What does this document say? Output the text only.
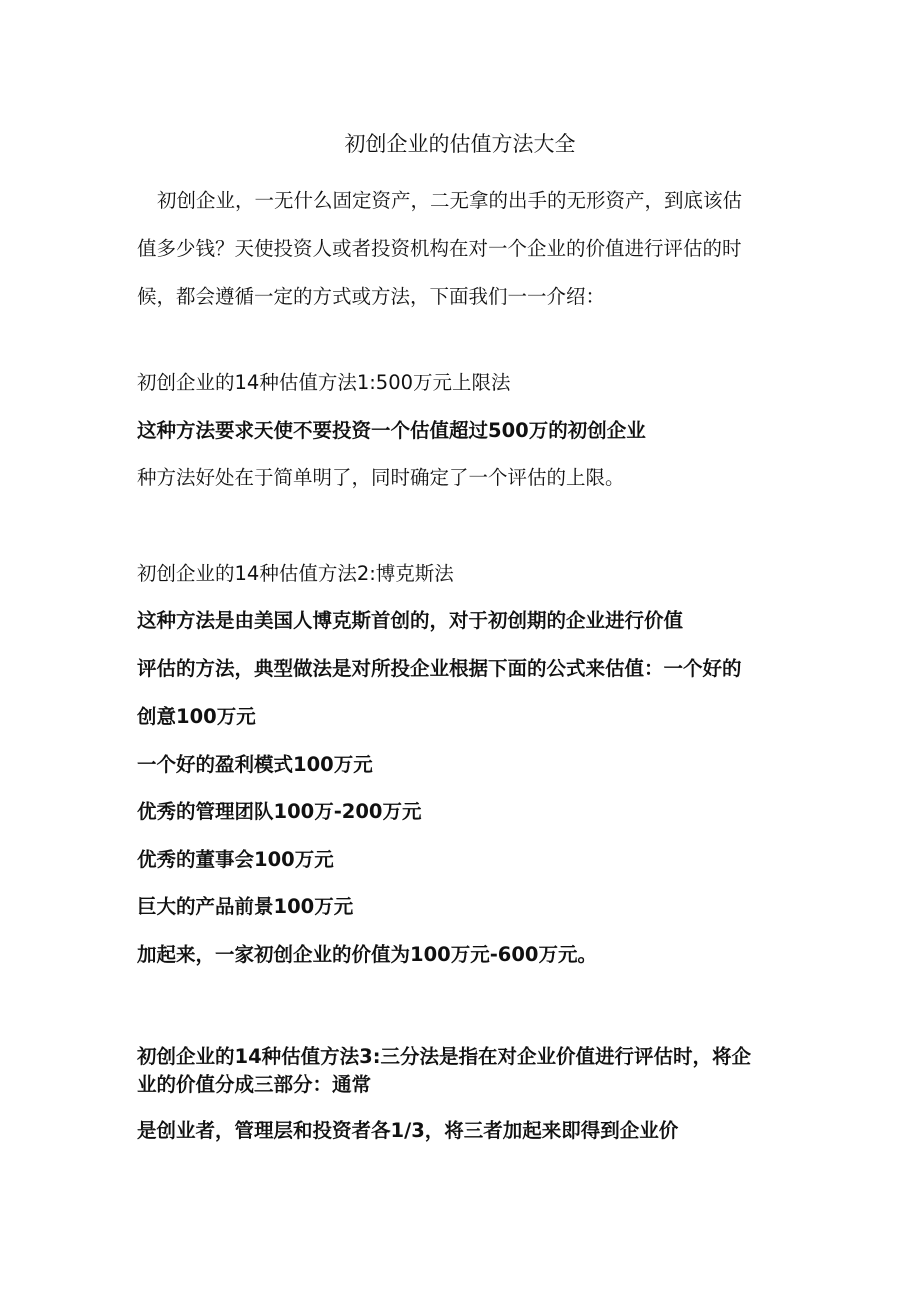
初创企业的估值方法大全

初创企业，一无什么固定资产，二无拿的出手的无形资产，到底该估

值多少钱？天使投资人或者投资机构在对一个企业的价值进行评估的时

候，都会遵循一定的方式或方法，下面我们一一介绍：

初创企业的14种估值方法1:500万元上限法

这种方法要求天使不要投资一个估值超过500万的初创企业

种方法好处在于简单明了，同时确定了一个评估的上限。

初创企业的14种估值方法2:博克斯法

这种方法是由美国人博克斯首创的，对于初创期的企业进行价值

评估的方法，典型做法是对所投企业根据下面的公式来估值：一个好的

创意100万元

一个好的盈利模式100万元

优秀的管理团队100万-200万元

优秀的董事会100万元

巨大的产品前景100万元

加起来，一家初创企业的价值为100万元-600万元。

初创企业的14种估值方法3:三分法是指在对企业价值进行评估时，将企

业的价值分成三部分：通常

是创业者，管理层和投资者各1/3，将三者加起来即得到企业价
